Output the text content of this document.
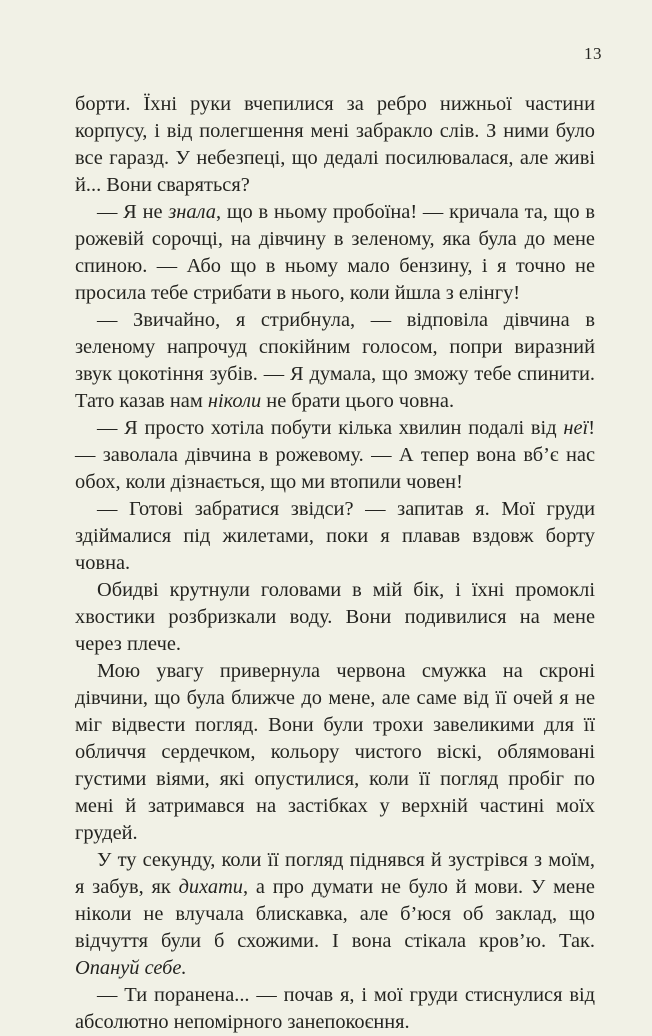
13

борти. Їхні руки вчепилися за ребро нижньої частини корпусу, і від полегшення мені забракло слів. З ними було все гаразд. У небезпеці, що дедалі посилювалася, але живі й... Вони сваряться?

— Я не знала, що в ньому пробоїна! — кричала та, що в рожевій сорочці, на дівчину в зеленому, яка була до мене спиною. — Або що в ньому мало бензину, і я точно не просила тебе стрибати в нього, коли йшла з елінгу!

— Звичайно, я стрибнула, — відповіла дівчина в зеленому напрочуд спокійним голосом, попри виразний звук цокотіння зубів. — Я думала, що зможу тебе спинити. Тато казав нам ніколи не брати цього човна.

— Я просто хотіла побути кілька хвилин подалі від неї! — заволала дівчина в рожевому. — А тепер вона вб’є нас обох, коли дізнається, що ми втопили човен!

— Готові забратися звідси? — запитав я. Мої груди здіймалися під жилетами, поки я плавав вздовж борту човна.

Обидві крутнули головами в мій бік, і їхні промоклі хвостики розбризкали воду. Вони подивилися на мене через плече.

Мою увагу привернула червона смужка на скроні дівчини, що була ближче до мене, але саме від її очей я не міг відвести погляд. Вони були трохи завеликими для її обличчя сердечком, кольору чистого віскі, облямовані густими віями, які опустилися, коли її погляд пробіг по мені й затримався на застібках у верхній частині моїх грудей.

У ту секунду, коли її погляд піднявся й зустрівся з моїм, я забув, як дихати, а про думати не було й мови. У мене ніколи не влучала блискавка, але б’юся об заклад, що відчуття були б схожими. І вона стікала кров’ю. Так. Опануй себе.

— Ти поранена... — почав я, і мої груди стиснулися від абсолютно непомірного занепокоєння.
